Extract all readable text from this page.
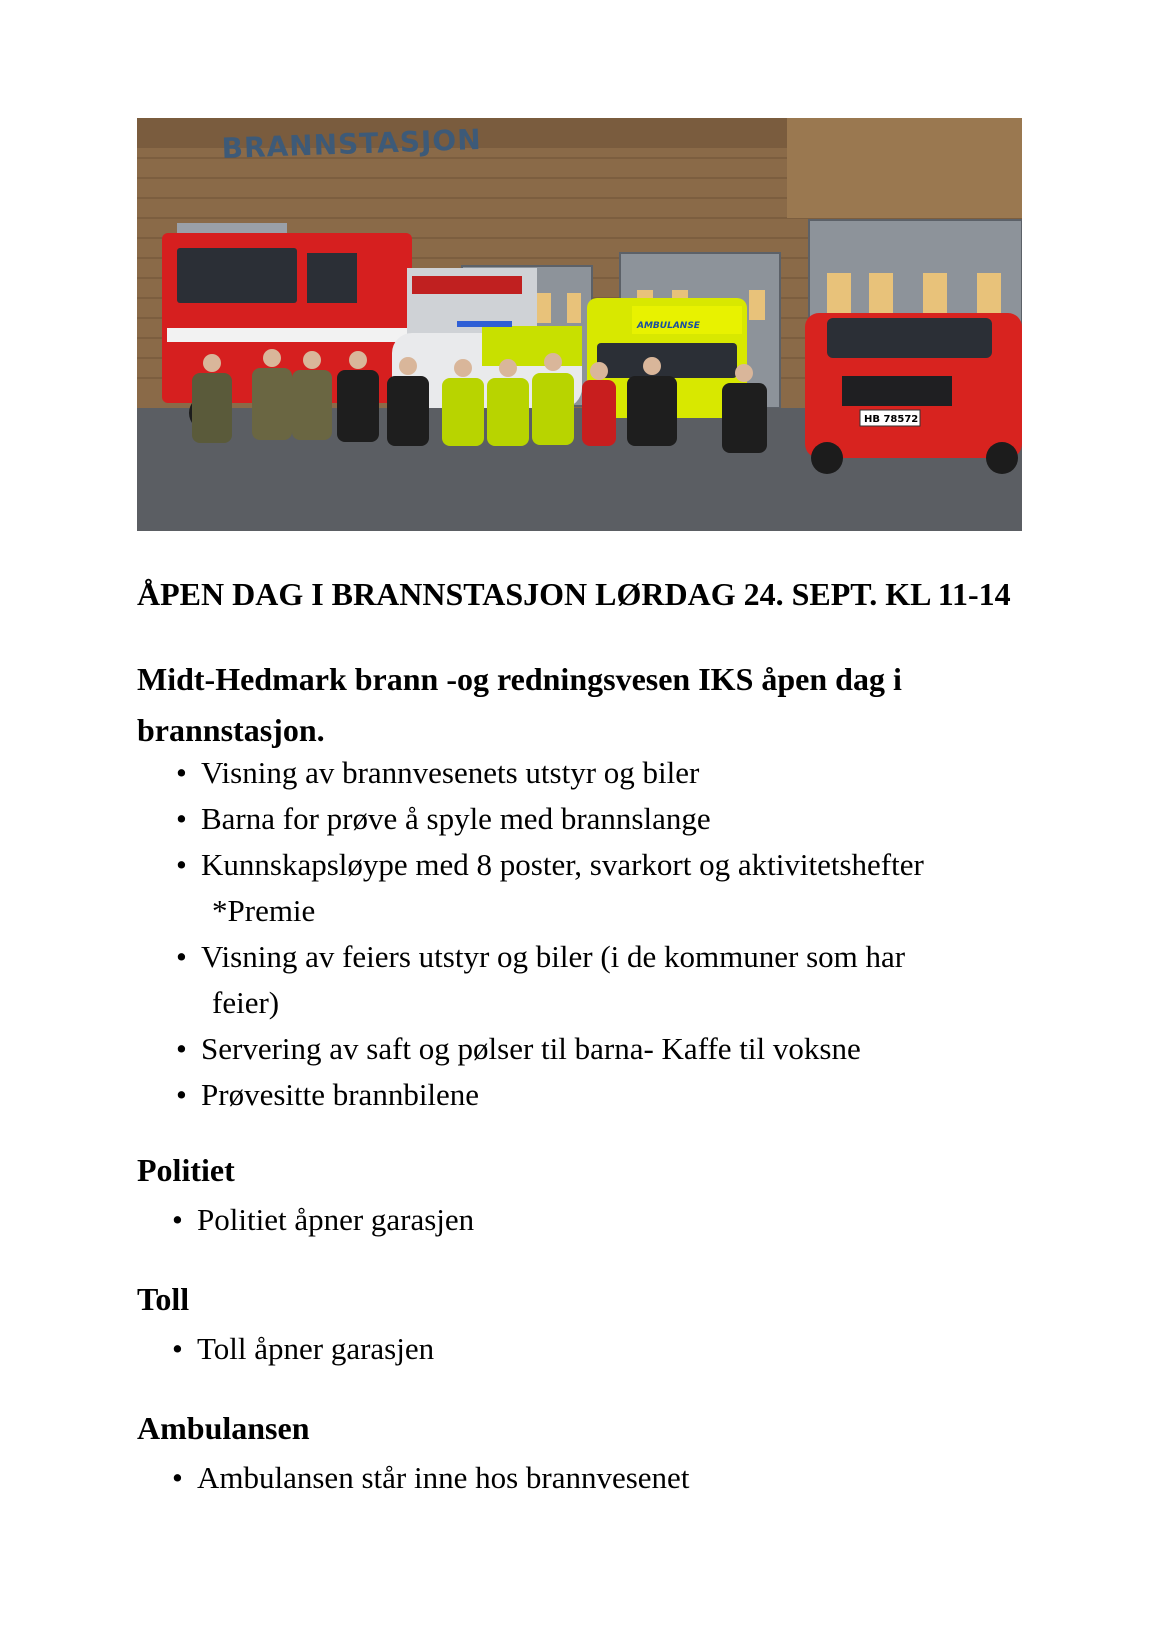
BRANNSTASJON
AMBULANSE
HB 78572
ÅPEN DAG I BRANNSTASJON LØRDAG 24. SEPT. KL 11-14
Midt-Hedmark brann -og redningsvesen IKS åpen dag i brannstasjon.
• Visning av brannvesenets utstyr og biler
• Barna for prøve å spyle med brannslange
• Kunnskapsløype med 8 poster, svarkort og aktivitetshefter
*Premie
• Visning av feiers utstyr og biler (i de kommuner som har
feier)
• Servering av saft og pølser til barna- Kaffe til voksne
• Prøvesitte brannbilene
Politiet
• Politiet åpner garasjen
Toll
• Toll åpner garasjen
Ambulansen
• Ambulansen står inne hos brannvesenet
